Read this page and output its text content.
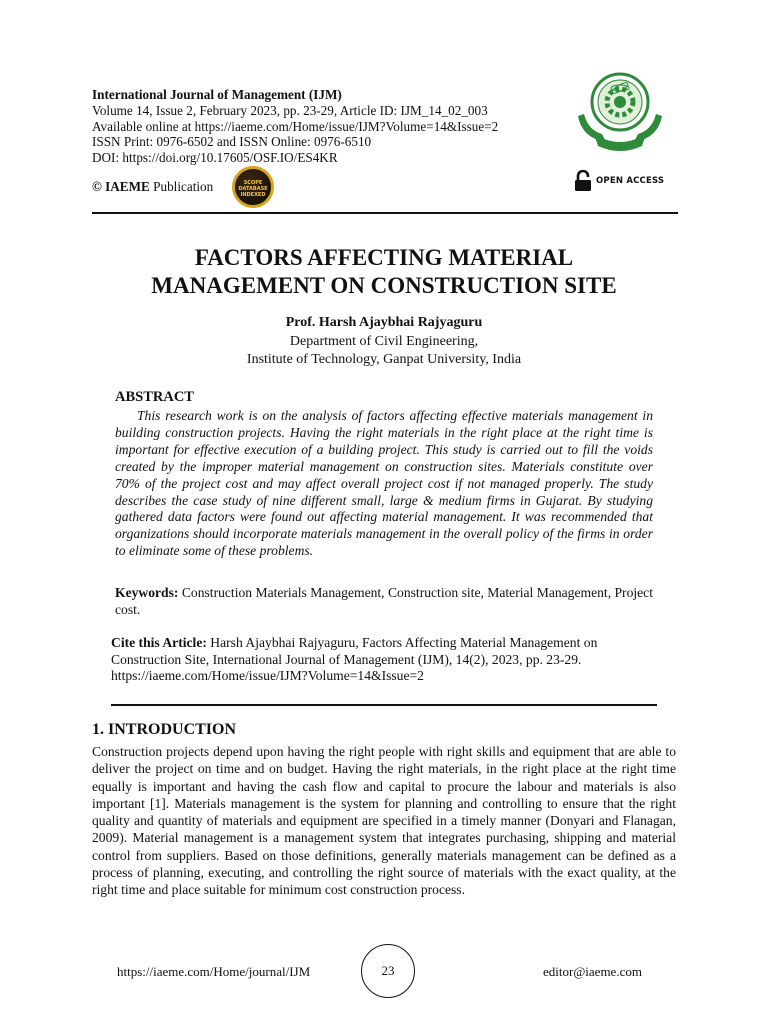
International Journal of Management (IJM)
Volume 14, Issue 2, February 2023, pp. 23-29, Article ID: IJM_14_02_003
Available online at https://iaeme.com/Home/issue/IJM?Volume=14&Issue=2
ISSN Print: 0976-6502 and ISSN Online: 0976-6510
DOI: https://doi.org/10.17605/OSF.IO/ES4KR
© IAEME Publication	SCOPE
DATABASE
INDEXED
IAEME
OPEN ACCESS
FACTORS AFFECTING MATERIAL
MANAGEMENT ON CONSTRUCTION SITE
Prof. Harsh Ajaybhai Rajyaguru
Department of Civil Engineering,
Institute of Technology, Ganpat University, India
ABSTRACT
This research work is on the analysis of factors affecting effective materials management in building construction projects. Having the right materials in the right place at the right time is important for effective execution of a building project. This study is carried out to fill the voids created by the improper material management on construction sites. Materials constitute over 70% of the project cost and may affect overall project cost if not managed properly. The study describes the case study of nine different small, large & medium firms in Gujarat. By studying gathered data factors were found out affecting material management. It was recommended that organizations should incorporate materials management in the overall policy of the firms in order to eliminate some of these problems.
Keywords: Construction Materials Management, Construction site, Material Management, Project cost.
Cite this Article: Harsh Ajaybhai Rajyaguru, Factors Affecting Material Management on Construction Site, International Journal of Management (IJM), 14(2), 2023, pp. 23-29.
https://iaeme.com/Home/issue/IJM?Volume=14&Issue=2
1. INTRODUCTION
Construction projects depend upon having the right people with right skills and equipment that are able to deliver the project on time and on budget. Having the right materials, in the right place at the right time equally is important and having the cash flow and capital to procure the labour and materials is also important [1]. Materials management is the system for planning and controlling to ensure that the right quality and quantity of materials and equipment are specified in a timely manner (Donyari and Flanagan, 2009). Material management is a management system that integrates purchasing, shipping and material control from suppliers. Based on those definitions, generally materials management can be defined as a process of planning, executing, and controlling the right source of materials with the exact quality, at the right time and place suitable for minimum cost construction process.
https://iaeme.com/Home/journal/IJM	23	editor@iaeme.com
